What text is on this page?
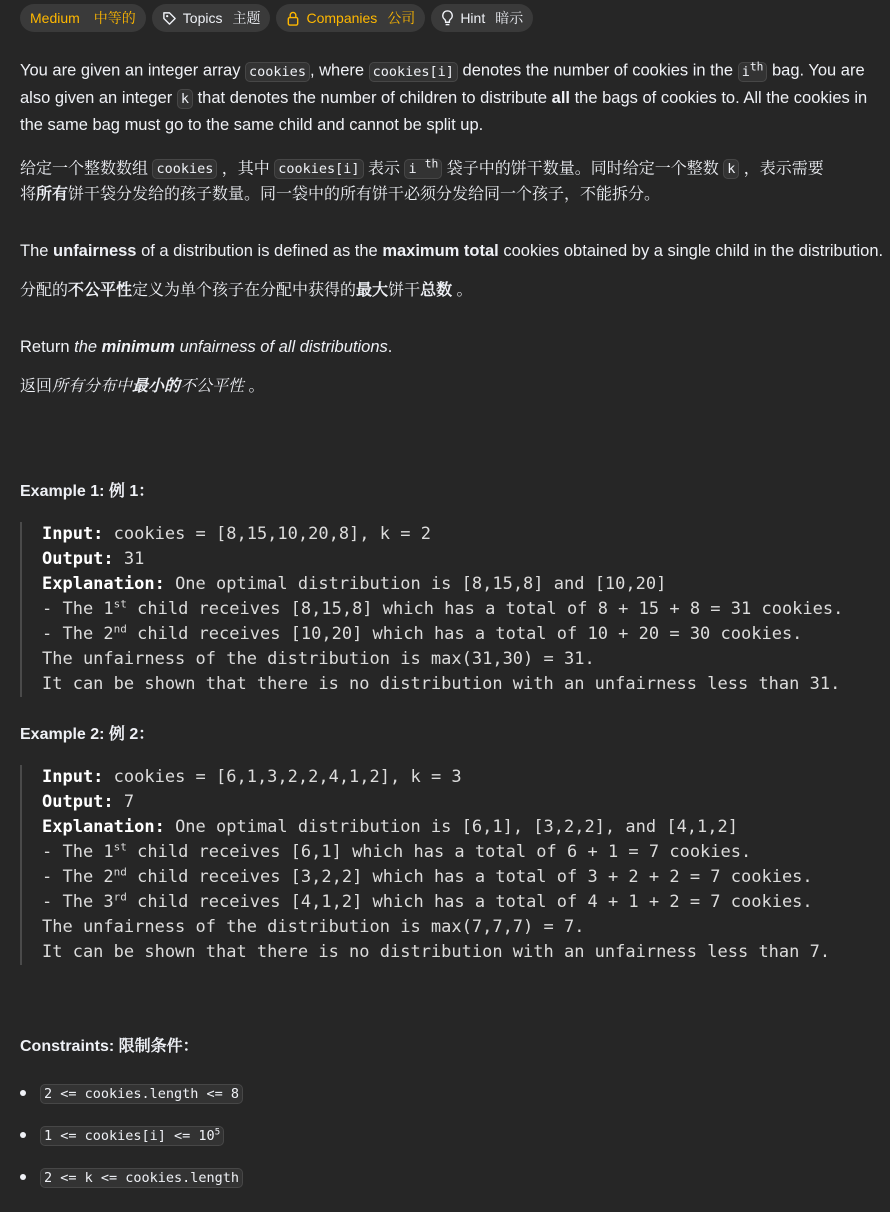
Medium 中等的	Topics 主题	Companies 公司	Hint 暗示

You are given an integer array cookies , where cookies[i] denotes the number of cookies in the $i^{th}$ bag. You are also given an integer k that denotes the number of children to distribute all the bags of cookies to. All the cookies in the same bag must go to the same child and cannot be split up.

给定一个整数数组 cookies ，其中 cookies[i] 表示 i $^{th}$ 袋子中的饼干数量。同时给定一个整数 k ，表示需要
将所有饼干袋分发给的孩子数量。同一袋中的所有饼干必须分发给同一个孩子，不能拆分。

The unfairness of a distribution is defined as the maximum total cookies obtained by a single child in the distribution.

分配的不公平性定义为单个孩子在分配中获得的最大饼干总数 。

Return the minimum unfairness of all distributions.

返回所有分布中最小的不公平性 。

Example 1: 例 1：
Input: cookies = [8,15,10,20,8], k = 2
Output: 31
Explanation: One optimal distribution is [8,15,8] and [10,20]
- The 1st child receives [8,15,8] which has a total of 8 + 15 + 8 = 31 cookies.
- The 2nd child receives [10,20] which has a total of 10 + 20 = 30 cookies.
The unfairness of the distribution is max(31,30) = 31.
It can be shown that there is no distribution with an unfairness less than 31.
Example 2: 例 2：
Input: cookies = [6,1,3,2,2,4,1,2], k = 3
Output: 7
Explanation: One optimal distribution is [6,1], [3,2,2], and [4,1,2]
- The 1st child receives [6,1] which has a total of 6 + 1 = 7 cookies.
- The 2nd child receives [3,2,2] which has a total of 3 + 2 + 2 = 7 cookies.
- The 3rd child receives [4,1,2] which has a total of 4 + 1 + 2 = 7 cookies.
The unfairness of the distribution is max(7,7,7) = 7.
It can be shown that there is no distribution with an unfairness less than 7.
Constraints: 限制条件：
2 <= cookies.length <= 8
1 <= cookies[i] <= $10^5$
2 <= k <= cookies.length
